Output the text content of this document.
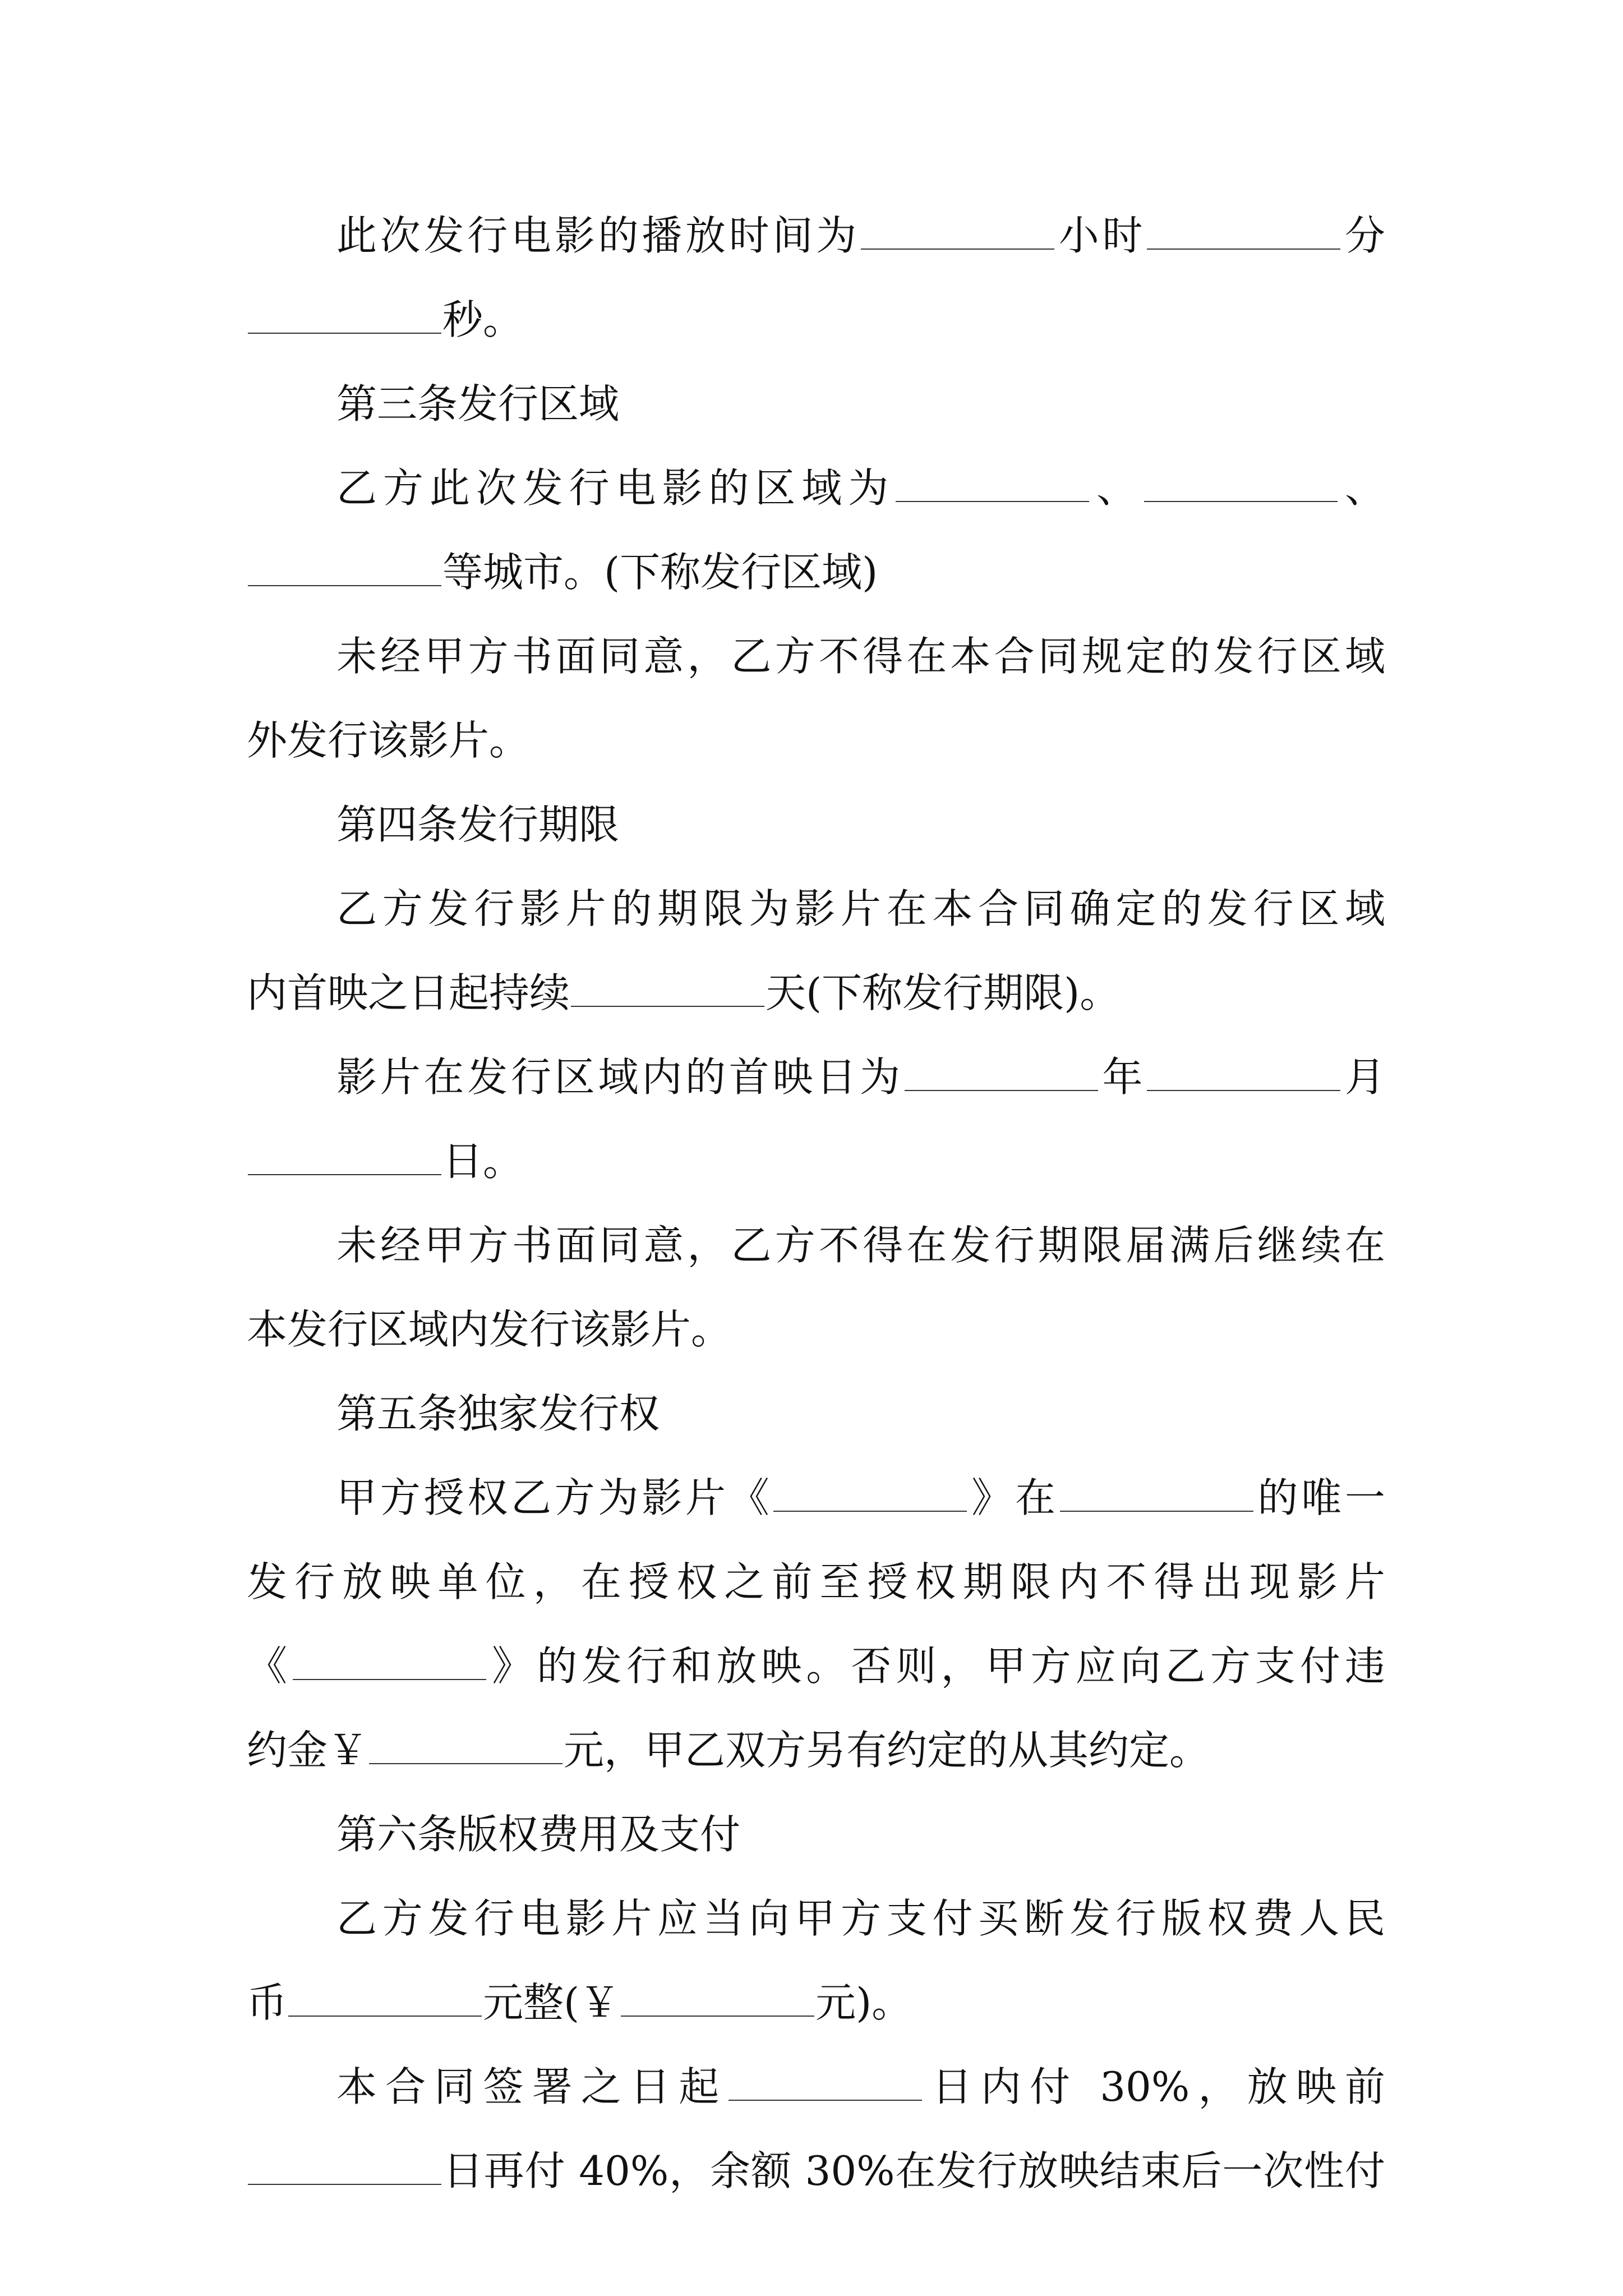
此次发行电影的播放时间为	小时	分
秒。
第三条发行区域
乙方此次发行电影的区域为	、	、
等城市。(下称发行区域)
未经甲方书面同意，乙方不得在本合同规定的发行区域
外发行该影片。
第四条发行期限
乙方发行影片的期限为影片在本合同确定的发行区域
内首映之日起持续	天(下称发行期限)。
影片在发行区域内的首映日为	年	月
日。
未经甲方书面同意，乙方不得在发行期限届满后继续在
本发行区域内发行该影片。
第五条独家发行权
甲方授权乙方为影片《	》在	的唯一
发行放映单位，在授权之前至授权期限内不得出现影片
《	》的发行和放映。否则，甲方应向乙方支付违
约金￥	元，甲乙双方另有约定的从其约定。
第六条版权费用及支付
乙方发行电影片应当向甲方支付买断发行版权费人民
币	元整(￥	元)。
本合同签署之日起	日内付 30%，放映前
日再付 40%，余额 30%在发行放映结束后一次性付
